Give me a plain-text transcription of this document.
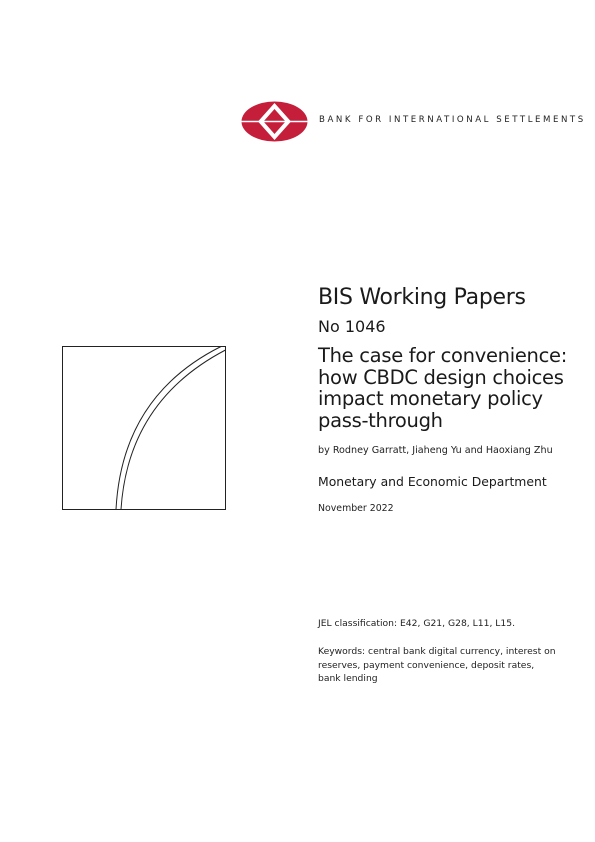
BANK FOR INTERNATIONAL SETTLEMENTS
BIS Working Papers
No 1046
The case for convenience: how CBDC design choices impact monetary policy pass-through
by Rodney Garratt, Jiaheng Yu and Haoxiang Zhu
Monetary and Economic Department
November 2022
JEL classification: E42, G21, G28, L11, L15.
Keywords: central bank digital currency, interest on reserves, payment convenience, deposit rates, bank lending
